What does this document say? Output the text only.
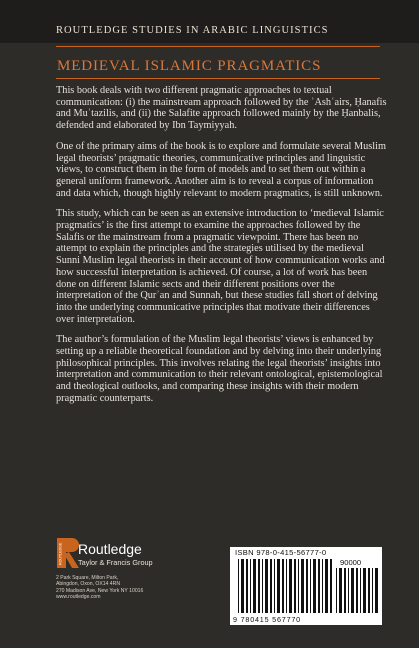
ROUTLEDGE STUDIES IN ARABIC LINGUISTICS
MEDIEVAL ISLAMIC PRAGMATICS

This book deals with two different pragmatic approaches to textual communication: (i) the mainstream approach followed by the ʾAshʿairs, Ḥanafis and Muʿtazilis, and (ii) the Salafite approach followed mainly by the Ḥanbalis, defended and elaborated by Ibn Taymiyyah.

One of the primary aims of the book is to explore and formulate several Muslim legal theorists’ pragmatic theories, communicative principles and linguistic views, to construct them in the form of models and to set them out within a general uniform framework. Another aim is to reveal a corpus of information and data which, though highly relevant to modern pragmatics, is still unknown.

This study, which can be seen as an extensive introduction to ‘medieval Islamic pragmatics’ is the first attempt to examine the approaches followed by the Salafis or the mainstream from a pragmatic viewpoint. There has been no attempt to explain the principles and the strategies utilised by the medieval Sunni Muslim legal theorists in their account of how communication works and how successful interpretation is achieved. Of course, a lot of work has been done on different Islamic sects and their different positions over the interpretation of the Qurʾan and Sunnah, but these studies fall short of delving into the underlying communicative principles that motivate their differences over interpretation.

The author’s formulation of the Muslim legal theorists’ views is enhanced by setting up a reliable theoretical foundation and by delving into their underlying philosophical principles. This involves relating the legal theorists’ insights into interpretation and communication to their relevant ontological, epistemological and theological outlooks, and comparing these insights with their modern pragmatic counterparts.

ROUTLEDGE Routledge
Taylor & Francis Group
2 Park Square, Milton Park,
Abingdon, Oxon, OX14 4RN
270 Madison Ave, New York NY 10016
www.routledge.com
ISBN 978-0-415-56777-0
90000
9 780415 567770
